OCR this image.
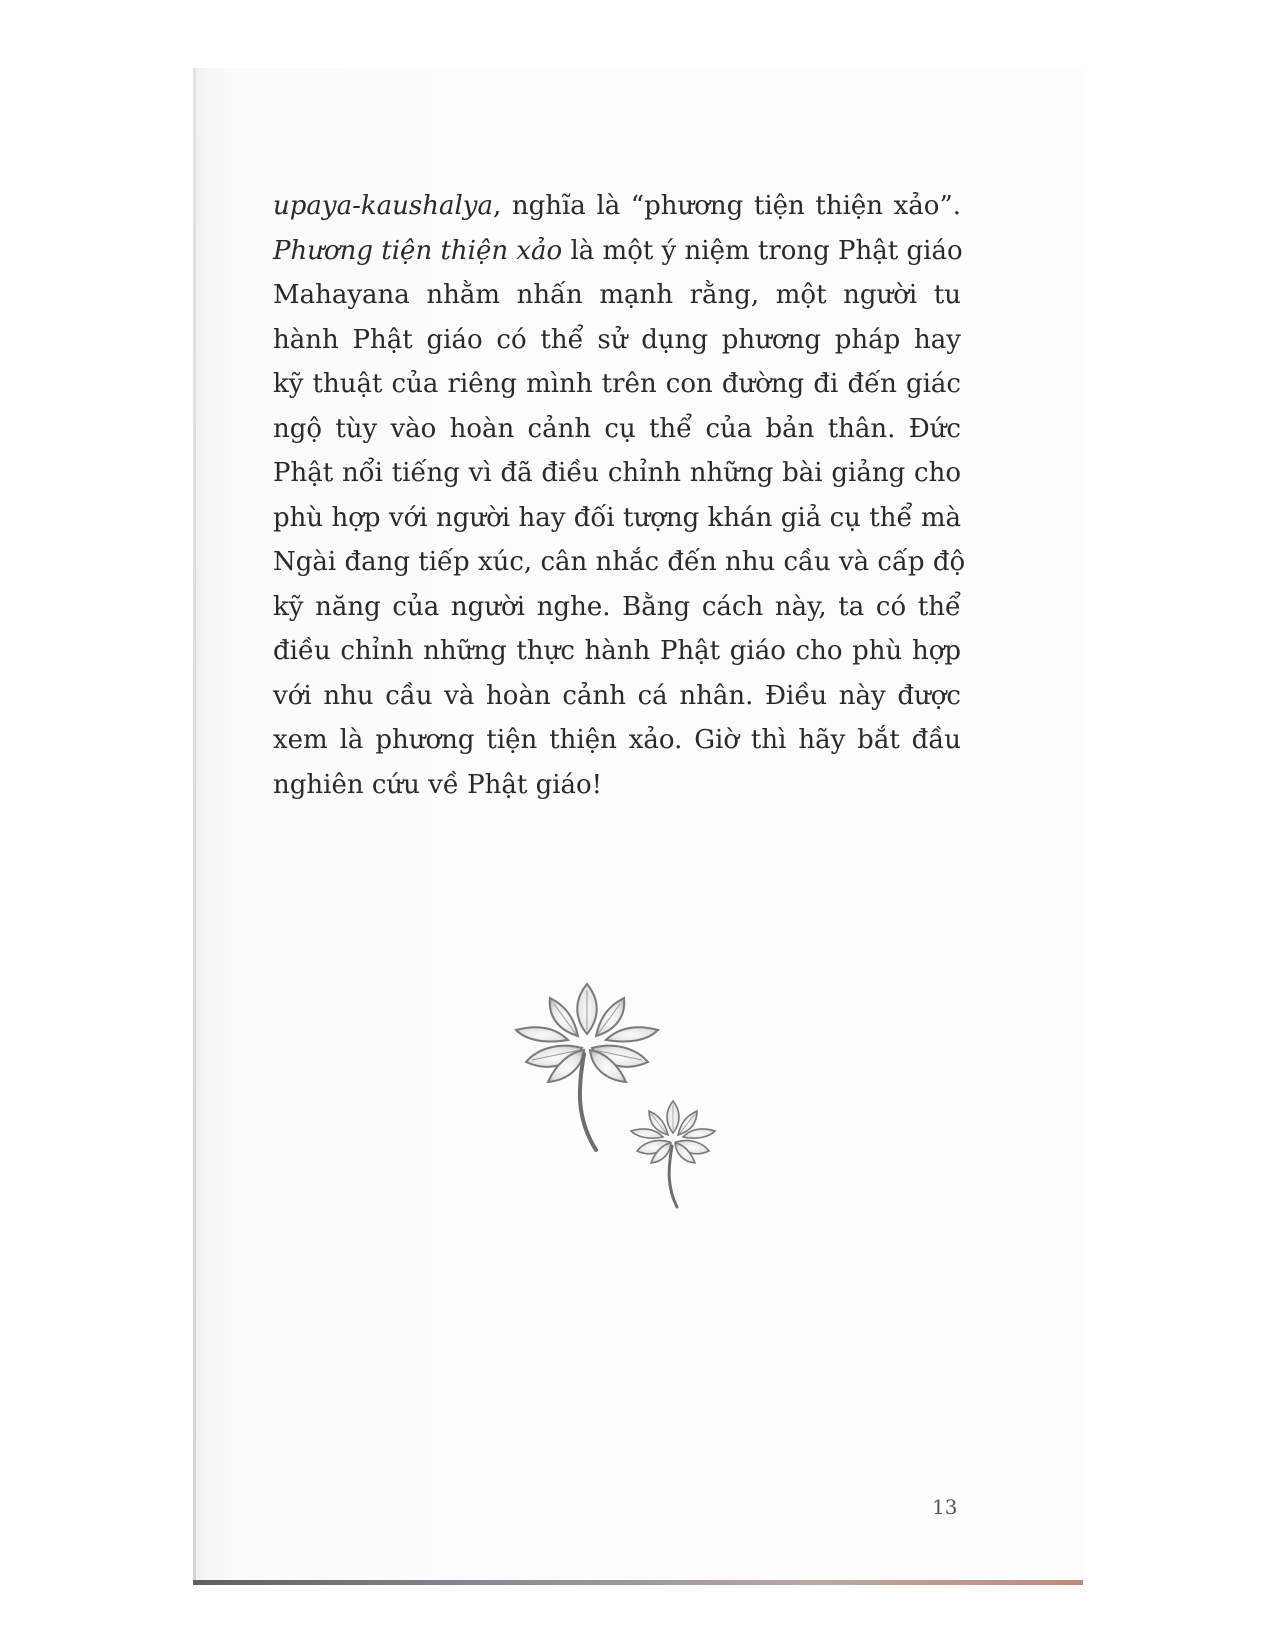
upaya-kaushalya, nghĩa là “phương tiện thiện xảo”.
Phương tiện thiện xảo là một ý niệm trong Phật giáo
Mahayana nhằm nhấn mạnh rằng, một người tu
hành Phật giáo có thể sử dụng phương pháp hay
kỹ thuật của riêng mình trên con đường đi đến giác
ngộ tùy vào hoàn cảnh cụ thể của bản thân. Đức
Phật nổi tiếng vì đã điều chỉnh những bài giảng cho
phù hợp với người hay đối tượng khán giả cụ thể mà
Ngài đang tiếp xúc, cân nhắc đến nhu cầu và cấp độ
kỹ năng của người nghe. Bằng cách này, ta có thể
điều chỉnh những thực hành Phật giáo cho phù hợp
với nhu cầu và hoàn cảnh cá nhân. Điều này được
xem là phương tiện thiện xảo. Giờ thì hãy bắt đầu
nghiên cứu về Phật giáo!
13
